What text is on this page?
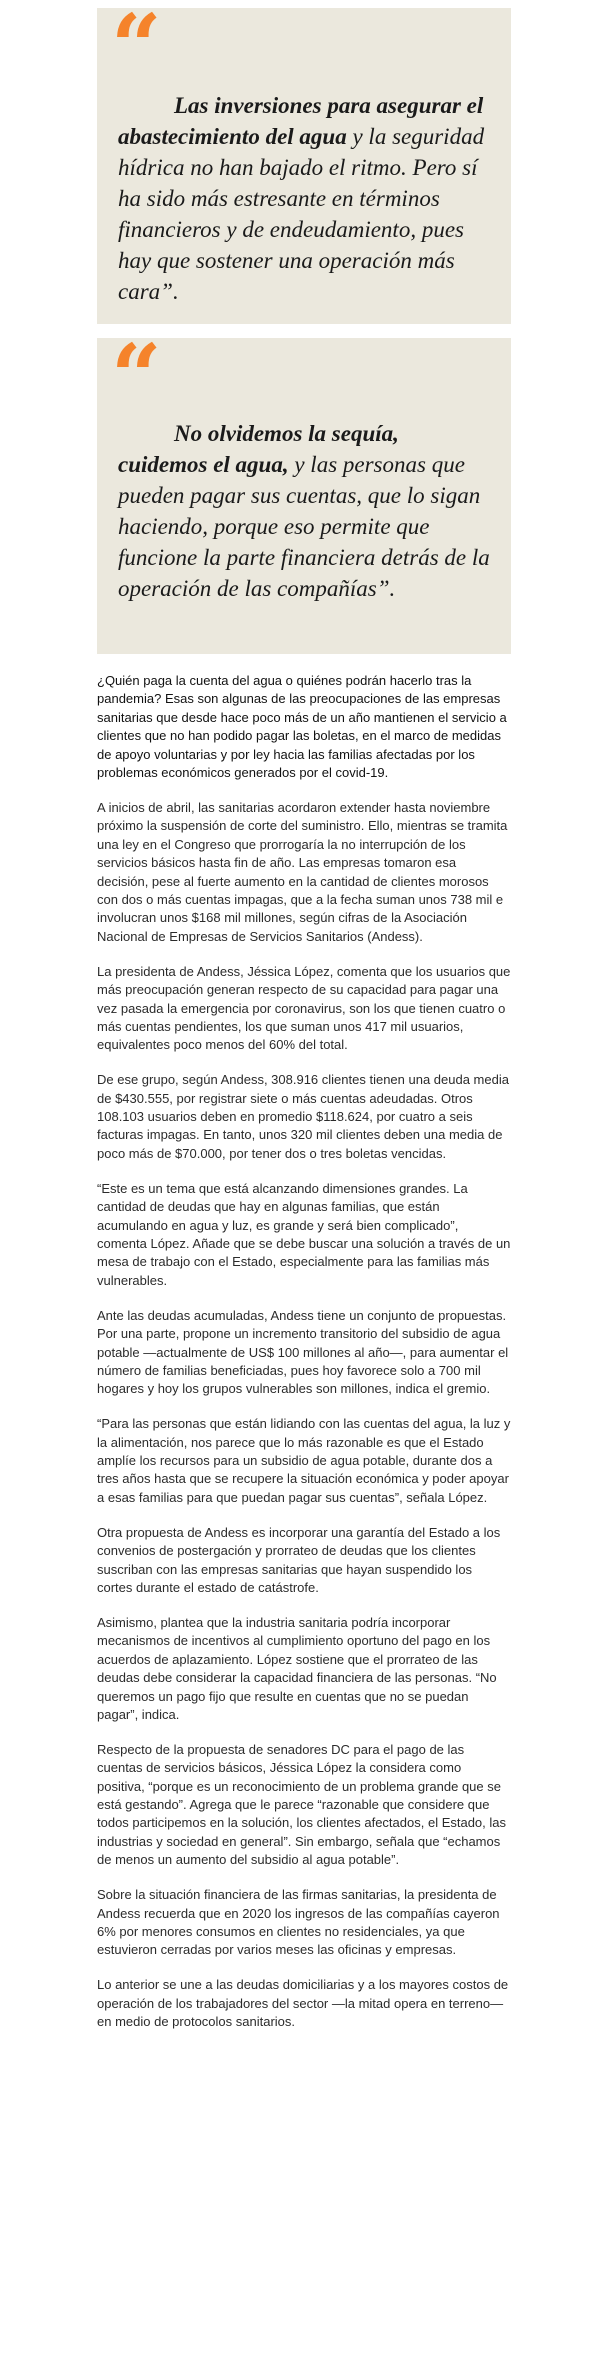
“

Las inversiones para asegurar el abastecimiento del agua y la seguridad hídrica no han bajado el ritmo. Pero sí ha sido más estresante en términos financieros y de endeudamiento, pues hay que sostener una operación más cara”.

“

No olvidemos la sequía, cuidemos el agua, y las personas que pueden pagar sus cuentas, que lo sigan haciendo, porque eso permite que funcione la parte financiera detrás de la operación de las compañías”.

¿Quién paga la cuenta del agua o quiénes podrán hacerlo tras la pandemia? Esas son algunas de las preocupaciones de las empresas sanitarias que desde hace poco más de un año mantienen el servicio a clientes que no han podido pagar las boletas, en el marco de medidas de apoyo voluntarias y por ley hacia las familias afectadas por los problemas económicos generados por el covid-19.

A inicios de abril, las sanitarias acordaron extender hasta noviembre próximo la suspensión de corte del suministro. Ello, mientras se tramita una ley en el Congreso que prorrogaría la no interrupción de los servicios básicos hasta fin de año. Las empresas tomaron esa decisión, pese al fuerte aumento en la cantidad de clientes morosos con dos o más cuentas impagas, que a la fecha suman unos 738 mil e involucran unos $168 mil millones, según cifras de la Asociación Nacional de Empresas de Servicios Sanitarios (Andess).

La presidenta de Andess, Jéssica López, comenta que los usuarios que más preocupación generan respecto de su capacidad para pagar una vez pasada la emergencia por coronavirus, son los que tienen cuatro o más cuentas pendientes, los que suman unos 417 mil usuarios, equivalentes poco menos del 60% del total.

De ese grupo, según Andess, 308.916 clientes tienen una deuda media de $430.555, por registrar siete o más cuentas adeudadas. Otros 108.103 usuarios deben en promedio $118.624, por cuatro a seis facturas impagas. En tanto, unos 320 mil clientes deben una media de poco más de $70.000, por tener dos o tres boletas vencidas.

“Este es un tema que está alcanzando dimensiones grandes. La cantidad de deudas que hay en algunas familias, que están acumulando en agua y luz, es grande y será bien complicado”, comenta López. Añade que se debe buscar una solución a través de un mesa de trabajo con el Estado, especialmente para las familias más vulnerables.

Ante las deudas acumuladas, Andess tiene un conjunto de propuestas. Por una parte, propone un incremento transitorio del subsidio de agua potable —actualmente de US$ 100 millones al año—, para aumentar el número de familias beneficiadas, pues hoy favorece solo a 700 mil hogares y hoy los grupos vulnerables son millones, indica el gremio.

“Para las personas que están lidiando con las cuentas del agua, la luz y la alimentación, nos parece que lo más razonable es que el Estado amplíe los recursos para un subsidio de agua potable, durante dos a tres años hasta que se recupere la situación económica y poder apoyar a esas familias para que puedan pagar sus cuentas”, señala López.

Otra propuesta de Andess es incorporar una garantía del Estado a los convenios de postergación y prorrateo de deudas que los clientes suscriban con las empresas sanitarias que hayan suspendido los cortes durante el estado de catástrofe.

Asimismo, plantea que la industria sanitaria podría incorporar mecanismos de incentivos al cumplimiento oportuno del pago en los acuerdos de aplazamiento. López sostiene que el prorrateo de las deudas debe considerar la capacidad financiera de las personas. “No queremos un pago fijo que resulte en cuentas que no se puedan pagar”, indica.

Respecto de la propuesta de senadores DC para el pago de las cuentas de servicios básicos, Jéssica López la considera como positiva, “porque es un reconocimiento de un problema grande que se está gestando”. Agrega que le parece “razonable que considere que todos participemos en la solución, los clientes afectados, el Estado, las industrias y sociedad en general”. Sin embargo, señala que “echamos de menos un aumento del subsidio al agua potable”.

Sobre la situación financiera de las firmas sanitarias, la presidenta de Andess recuerda que en 2020 los ingresos de las compañías cayeron 6% por menores consumos en clientes no residenciales, ya que estuvieron cerradas por varios meses las oficinas y empresas.

Lo anterior se une a las deudas domiciliarias y a los mayores costos de operación de los trabajadores del sector —la mitad opera en terreno— en medio de protocolos sanitarios.
